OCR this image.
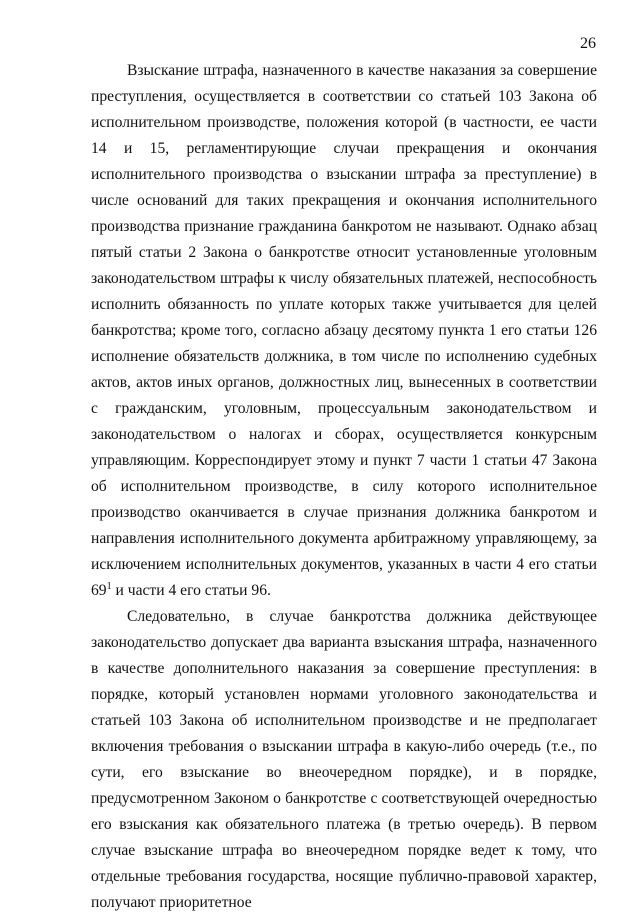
26

Взыскание штрафа, назначенного в качестве наказания за совершение преступления, осуществляется в соответствии со статьей 103 Закона об исполнительном производстве, положения которой (в частности, ее части 14 и 15, регламентирующие случаи прекращения и окончания исполнительного производства о взыскании штрафа за преступление) в числе оснований для таких прекращения и окончания исполнительного производства признание гражданина банкротом не называют. Однако абзац пятый статьи 2 Закона о банкротстве относит установленные уголовным законодательством штрафы к числу обязательных платежей, неспособность исполнить обязанность по уплате которых также учитывается для целей банкротства; кроме того, согласно абзацу десятому пункта 1 его статьи 126 исполнение обязательств должника, в том числе по исполнению судебных актов, актов иных органов, должностных лиц, вынесенных в соответствии с гражданским, уголовным, процессуальным законодательством и законодательством о налогах и сборах, осуществляется конкурсным управляющим. Корреспондирует этому и пункт 7 части 1 статьи 47 Закона об исполнительном производстве, в силу которого исполнительное производство оканчивается в случае признания должника банкротом и направления исполнительного документа арбитражному управляющему, за исключением исполнительных документов, указанных в части 4 его статьи $69^1$ и части 4 его статьи 96.

Следовательно, в случае банкротства должника действующее законодательство допускает два варианта взыскания штрафа, назначенного в качестве дополнительного наказания за совершение преступления: в порядке, который установлен нормами уголовного законодательства и статьей 103 Закона об исполнительном производстве и не предполагает включения требования о взыскании штрафа в какую-либо очередь (т.е., по сути, его взыскание во внеочередном порядке), и в порядке, предусмотренном Законом о банкротстве с соответствующей очередностью его взыскания как обязательного платежа (в третью очередь). В первом случае взыскание штрафа во внеочередном порядке ведет к тому, что отдельные требования государства, носящие публично-правовой характер, получают приоритетное
